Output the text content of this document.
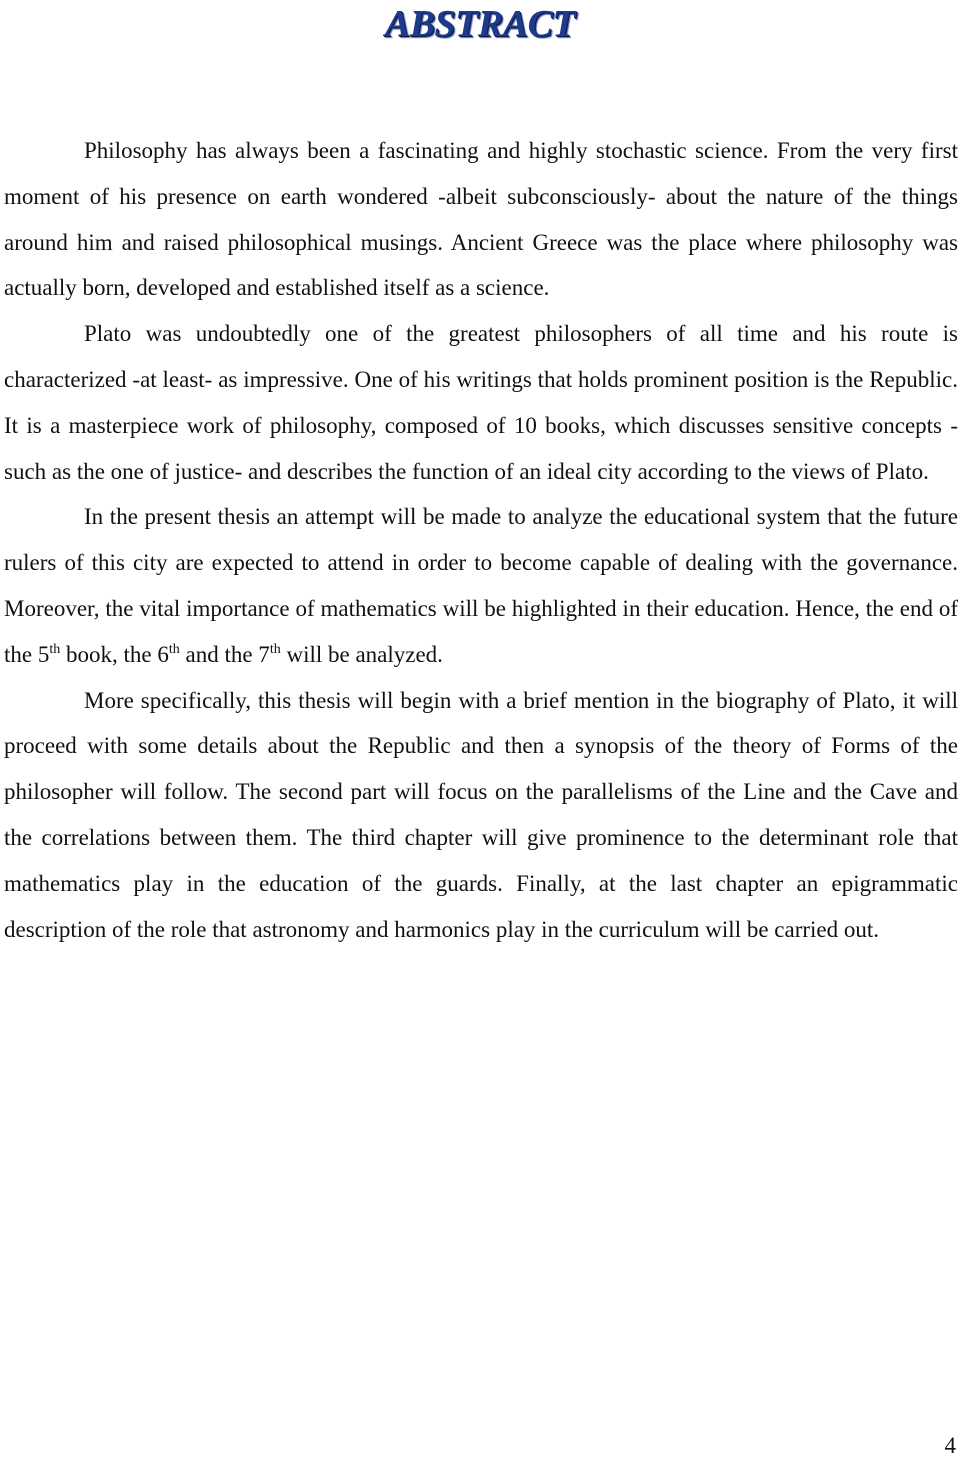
ABSTRACT

Philosophy has always been a fascinating and highly stochastic science. From the very first moment of his presence on earth wondered -albeit subconsciously- about the nature of the things around him and raised philosophical musings. Ancient Greece was the place where philosophy was actually born, developed and established itself as a science.

Plato was undoubtedly one of the greatest philosophers of all time and his route is characterized -at least- as impressive. One of his writings that holds prominent position is the Republic. It is a masterpiece work of philosophy, composed of 10 books, which discusses sensitive concepts -such as the one of justice- and describes the function of an ideal city according to the views of Plato.

In the present thesis an attempt will be made to analyze the educational system that the future rulers of this city are expected to attend in order to become capable of dealing with the governance. Moreover, the vital importance of mathematics will be highlighted in their education. Hence, the end of the 5th book, the 6th and the 7th will be analyzed.

More specifically, this thesis will begin with a brief mention in the biography of Plato, it will proceed with some details about the Republic and then a synopsis of the theory of Forms of the philosopher will follow. The second part will focus on the parallelisms of the Line and the Cave and the correlations between them. The third chapter will give prominence to the determinant role that mathematics play in the education of the guards. Finally, at the last chapter an epigrammatic description of the role that astronomy and harmonics play in the curriculum will be carried out.

4
